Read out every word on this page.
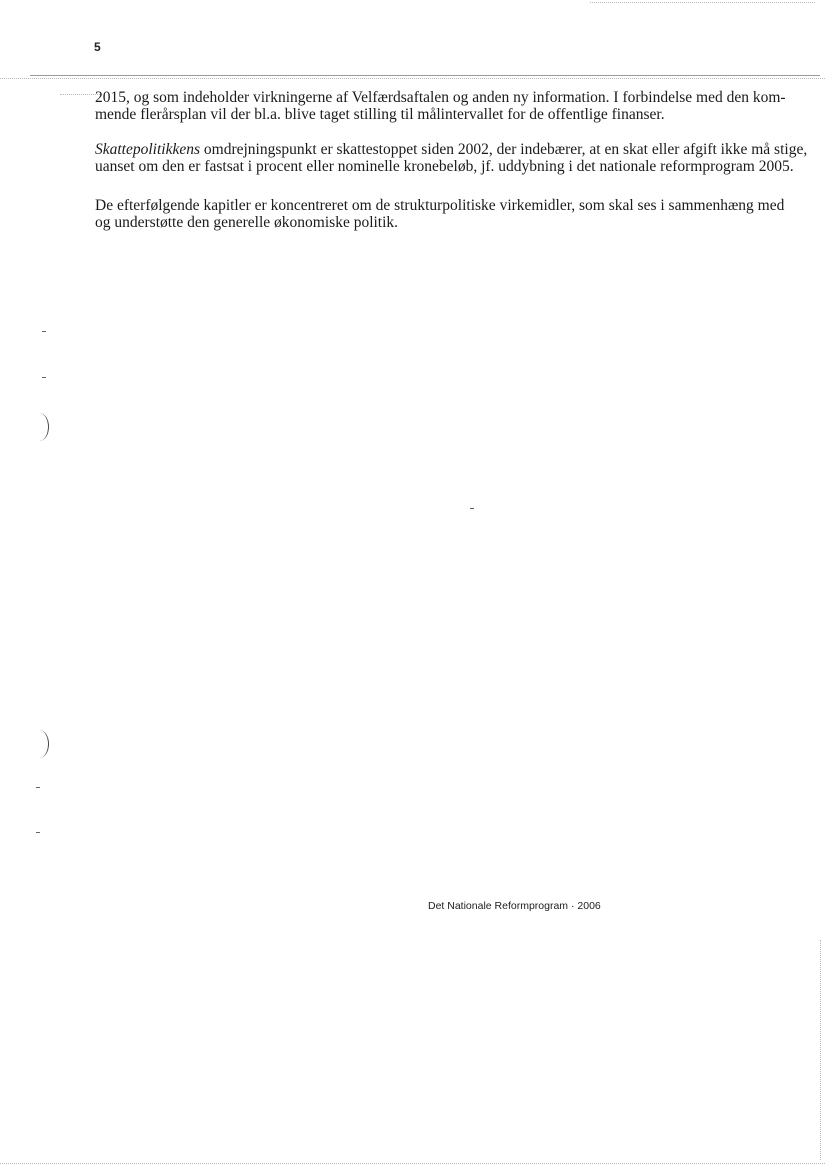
5
2015, og som indeholder virkningerne af Velfærdsaftalen og anden ny information. I forbindelse med den kom-
mende flerårsplan vil der bl.a. blive taget stilling til målintervallet for de offentlige finanser.
Skattepolitikkens omdrejningspunkt er skattestoppet siden 2002, der indebærer, at en skat eller afgift ikke må stige,
uanset om den er fastsat i procent eller nominelle kronebeløb, jf. uddybning i det nationale reformprogram 2005.
De efterfølgende kapitler er koncentreret om de strukturpolitiske virkemidler, som skal ses i sammenhæng med
og understøtte den generelle økonomiske politik.
Det Nationale Reformprogram · 2006
